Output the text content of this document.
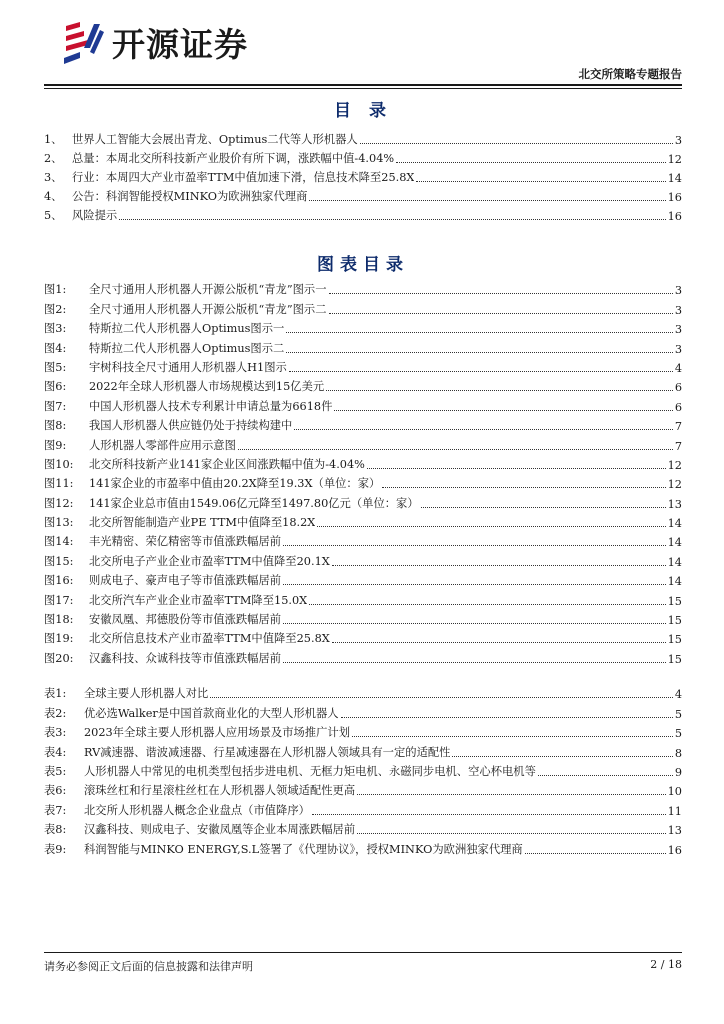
开源证券
北交所策略专题报告
目 录
1、 世界人工智能大会展出青龙、Optimus二代等人形机器人	3
2、 总量：本周北交所科技新产业股价有所下调，涨跌幅中值-4.04%	12
3、 行业：本周四大产业市盈率TTM中值加速下滑，信息技术降至25.8X	14
4、 公告：科润智能授权MINKO为欧洲独家代理商	16
5、 风险提示	16
图表目录
图1:	全尺寸通用人形机器人开源公版机“青龙”图示一	3
图2:	全尺寸通用人形机器人开源公版机“青龙”图示二	3
图3:	特斯拉二代人形机器人Optimus图示一	3
图4:	特斯拉二代人形机器人Optimus图示二	3
图5:	宇树科技全尺寸通用人形机器人H1图示	4
图6:	2022年全球人形机器人市场规模达到15亿美元	6
图7:	中国人形机器人技术专利累计申请总量为6618件	6
图8:	我国人形机器人供应链仍处于持续构建中	7
图9:	人形机器人零部件应用示意图	7
图10:	北交所科技新产业141家企业区间涨跌幅中值为-4.04%	12
图11:	141家企业的市盈率中值由20.2X降至19.3X（单位：家）	12
图12:	141家企业总市值由1549.06亿元降至1497.80亿元（单位：家）	13
图13:	北交所智能制造产业PE TTM中值降至18.2X	14
图14:	丰光精密、荣亿精密等市值涨跌幅居前	14
图15:	北交所电子产业企业市盈率TTM中值降至20.1X	14
图16:	则成电子、豪声电子等市值涨跌幅居前	14
图17:	北交所汽车产业企业市盈率TTM降至15.0X	15
图18:	安徽凤凰、邦德股份等市值涨跌幅居前	15
图19:	北交所信息技术产业市盈率TTM中值降至25.8X	15
图20:	汉鑫科技、众诚科技等市值涨跌幅居前	15
表1:	全球主要人形机器人对比	4
表2:	优必选Walker是中国首款商业化的大型人形机器人	5
表3:	2023年全球主要人形机器人应用场景及市场推广计划	5
表4:	RV减速器、谐波减速器、行星减速器在人形机器人领域具有一定的适配性	8
表5:	人形机器人中常见的电机类型包括步进电机、无框力矩电机、永磁同步电机、空心杯电机等	9
表6:	滚珠丝杠和行星滚柱丝杠在人形机器人领域适配性更高	10
表7:	北交所人形机器人概念企业盘点（市值降序）	11
表8:	汉鑫科技、则成电子、安徽凤凰等企业本周涨跌幅居前	13
表9:	科润智能与MINKO ENERGY,S.L签署了《代理协议》，授权MINKO为欧洲独家代理商	16
请务必参阅正文后面的信息披露和法律声明	2 / 18
